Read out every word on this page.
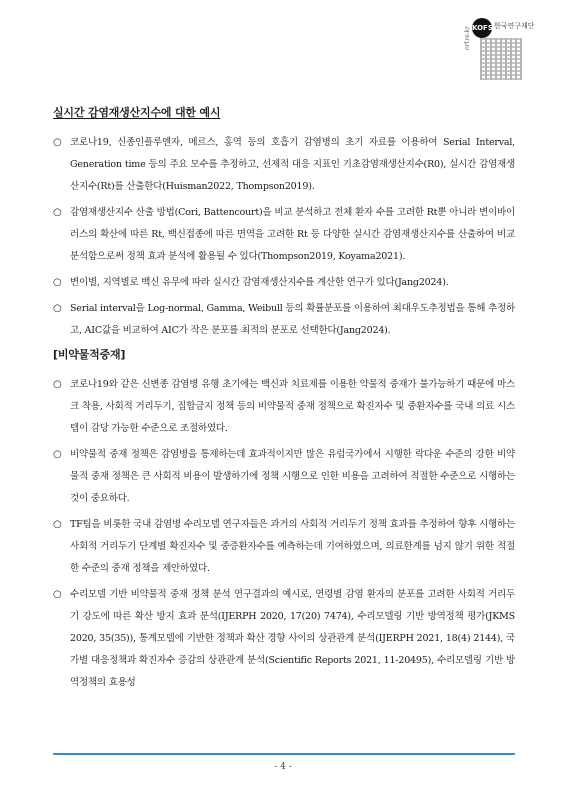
KOFST
한국연구재단
nrf.re.kr
실시간 감염재생산지수에 대한 예시
○ 코로나19, 신종인플루엔자, 메르스, 홍역 등의 호흡기 감염병의 초기 자료를 이용하여 Serial Interval, Generation time 등의 주요 모수를 추정하고, 선제적 대응 지표인 기초감염재생산지수(R0), 실시간 감염재생산지수(Rt)를 산출한다(Huisman2022, Thompson2019).
○ 감염재생산지수 산출 방법(Cori, Battencourt)을 비교 분석하고 전체 환자 수를 고려한 Rt뿐 아니라 변이바이러스의 확산에 따른 Rt, 백신접종에 따른 면역을 고려한 Rt 등 다양한 실시간 감염재생산지수를 산출하여 비교 분석함으로써 정책 효과 분석에 활용될 수 있다(Thompson2019, Koyama2021).
○ 변이별, 지역별로 백신 유무에 따라 실시간 감염재생산지수를 계산한 연구가 있다(Jang2024).
○ Serial interval을 Log-normal, Gamma, Weibull 등의 확률분포를 이용하여 최대우도추정법을 통해 추정하고, AIC값을 비교하여 AIC가 작은 분포를 최적의 분포로 선택한다(Jang2024).
[비약물적중재]
○ 코로나19와 같은 신변종 감염병 유행 초기에는 백신과 치료제를 이용한 약물적 중재가 불가능하기 때문에 마스크 착용, 사회적 거리두기, 집합금지 정책 등의 비약물적 중재 정책으로 확진자수 및 중환자수를 국내 의료 시스템이 감당 가능한 수준으로 조절하였다.
○ 비약물적 중재 정책은 감염병을 통제하는데 효과적이지만 많은 유럽국가에서 시행한 락다운 수준의 강한 비약물적 중재 정책은 큰 사회적 비용이 발생하기에 정책 시행으로 인한 비용을 고려하여 적절한 수준으로 시행하는 것이 중요하다.
○ TF팀을 비롯한 국내 감염병 수리모델 연구자들은 과거의 사회적 거리두기 정책 효과를 추정하여 향후 시행하는 사회적 거리두기 단계별 확진자수 및 중증환자수를 예측하는데 기여하였으며, 의료한계를 넘지 않기 위한 적절한 수준의 중재 정책을 제안하였다.
○ 수리모델 기반 비약물적 중재 정책 분석 연구결과의 예시로, 연령별 감염 환자의 분포를 고려한 사회적 거리두기 강도에 따른 확산 방지 효과 분석(IJERPH 2020, 17(20) 7474), 수리모델링 기반 방역정책 평가(JKMS 2020, 35(35)), 통계모델에 기반한 정책과 확산 경향 사이의 상관관계 분석(IJERPH 2021, 18(4) 2144), 국가별 대응정책과 확진자수 증감의 상관관계 분석(Scientific Reports 2021, 11-20495), 수리모델링 기반 방역정책의 효용성
- 4 -
